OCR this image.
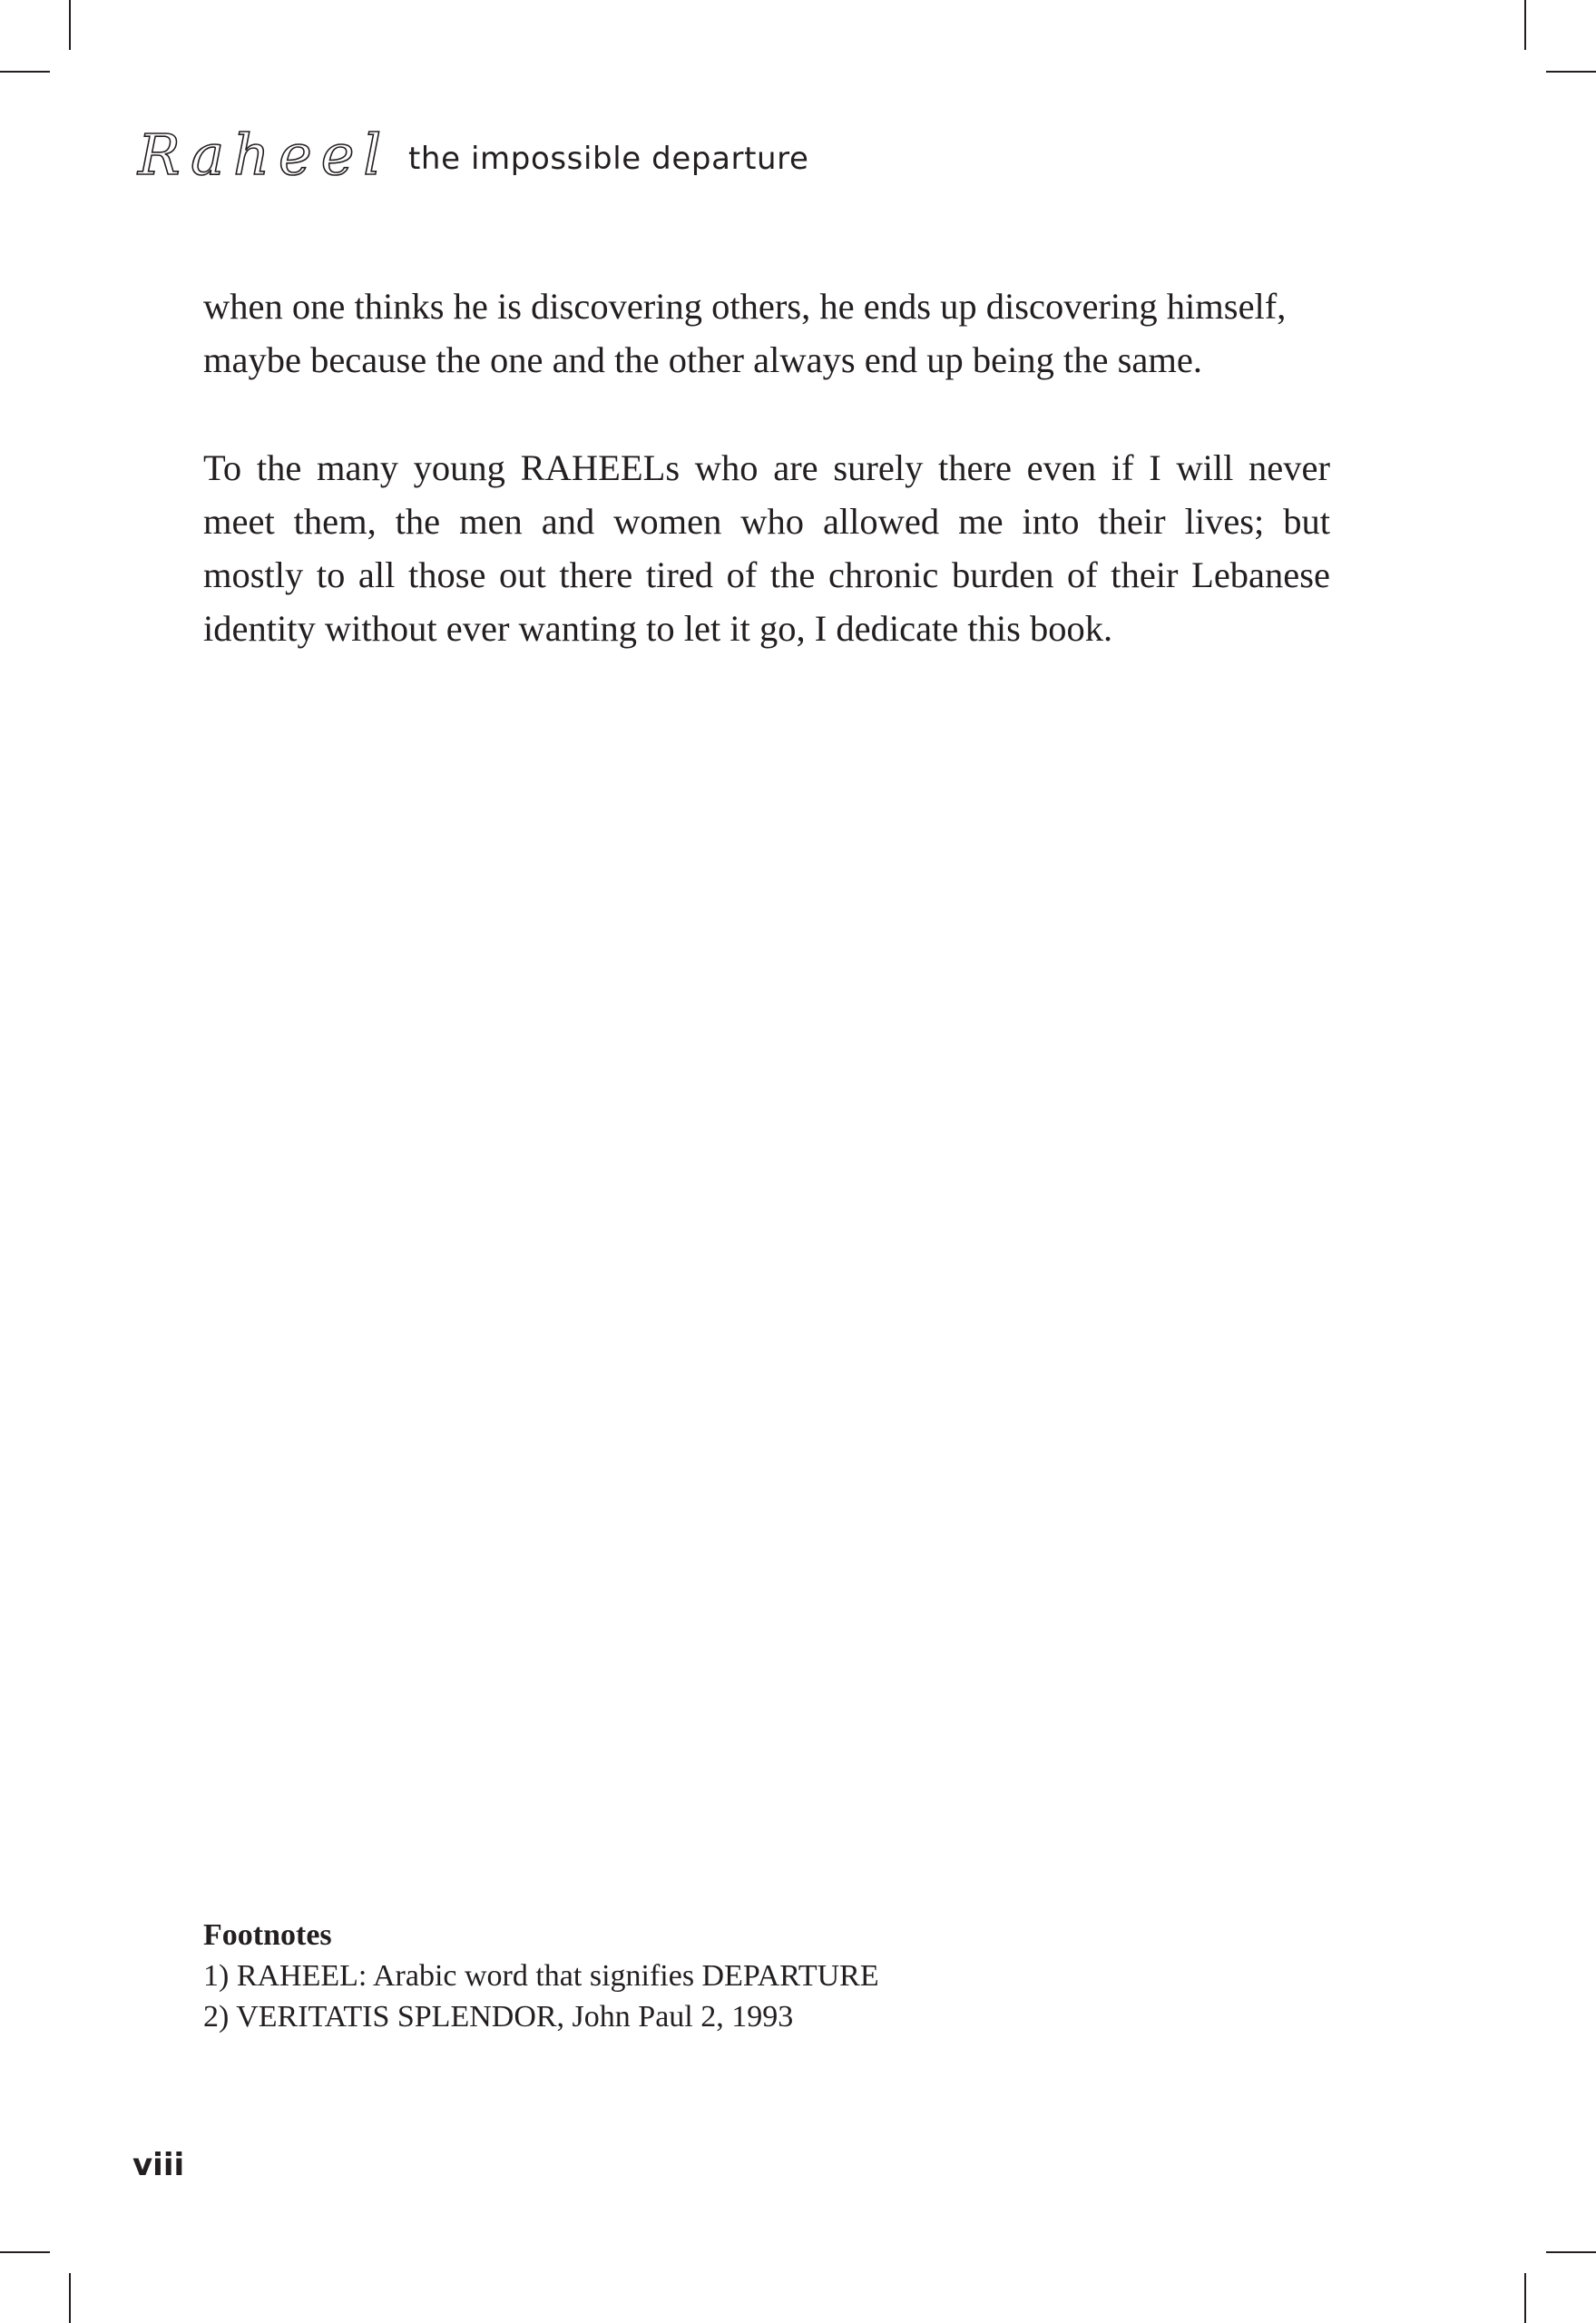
Raheel the impossible departure
when one thinks he is discovering others, he ends up discovering himself,
maybe because the one and the other always end up being the same.
To the many young RAHEELs who are surely there even if I will never
meet them, the men and women who allowed me into their lives; but
mostly to all those out there tired of the chronic burden of their Lebanese
identity without ever wanting to let it go, I dedicate this book.
Footnotes
1) RAHEEL: Arabic word that signifies DEPARTURE
2) VERITATIS SPLENDOR, John Paul 2, 1993
viii
